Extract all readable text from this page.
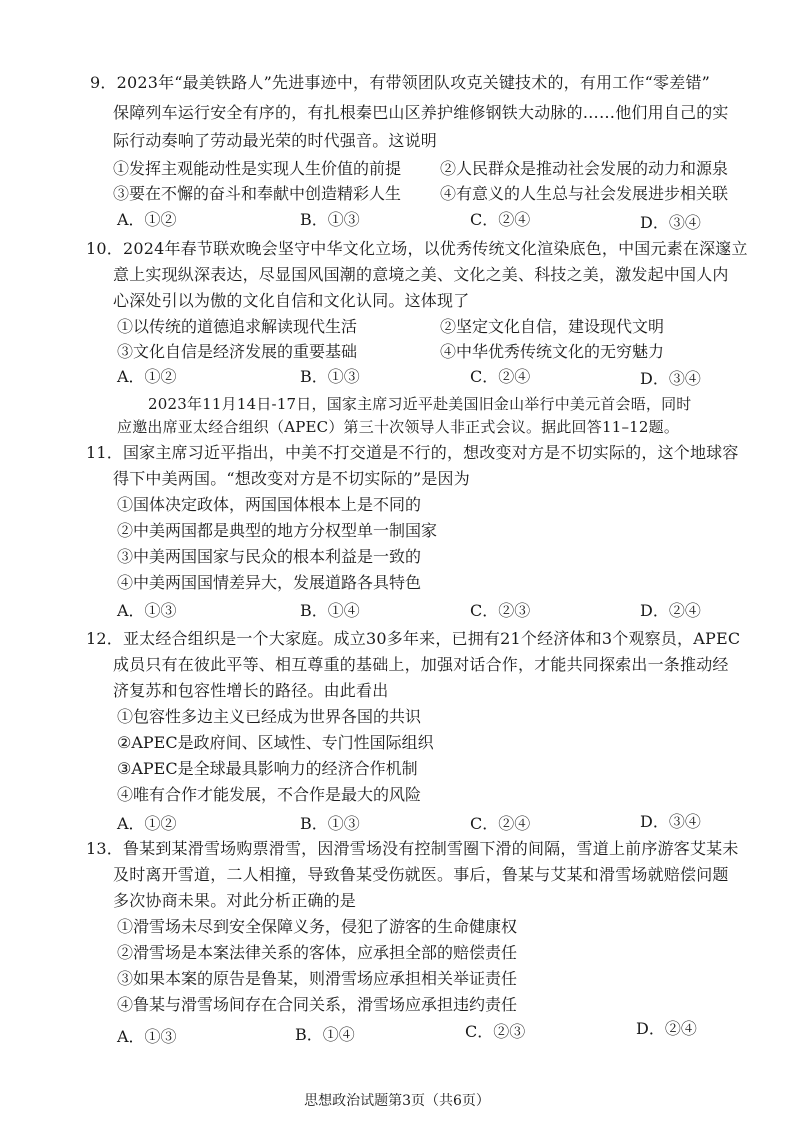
9．2023年“最美铁路人”先进事迹中，有带领团队攻克关键技术的，有用工作“零差错”
保障列车运行安全有序的，有扎根秦巴山区养护维修钢铁大动脉的……他们用自己的实
际行动奏响了劳动最光荣的时代强音。这说明
①发挥主观能动性是实现人生价值的前提 ②人民群众是推动社会发展的动力和源泉
③要在不懈的奋斗和奉献中创造精彩人生 ④有意义的人生总与社会发展进步相关联
A．①②	B．①③	C．②④	D．③④
10．2024年春节联欢晚会坚守中华文化立场，以优秀传统文化渲染底色，中国元素在深邃立
意上实现纵深表达，尽显国风国潮的意境之美、文化之美、科技之美，激发起中国人内
心深处引以为傲的文化自信和文化认同。这体现了
①以传统的道德追求解读现代生活	②坚定文化自信，建设现代文明
③文化自信是经济发展的重要基础	④中华优秀传统文化的无穷魅力
A．①②	B．①③	C．②④	D．③④
2023年11月14日-17日，国家主席习近平赴美国旧金山举行中美元首会晤，同时
应邀出席亚太经合组织（APEC）第三十次领导人非正式会议。据此回答11–12题。
11．国家主席习近平指出，中美不打交道是不行的，想改变对方是不切实际的，这个地球容
得下中美两国。“想改变对方是不切实际的”是因为
①国体决定政体，两国国体根本上是不同的
②中美两国都是典型的地方分权型单一制国家
③中美两国国家与民众的根本利益是一致的
④中美两国国情差异大，发展道路各具特色
A．①③	B．①④	C．②③	D．②④
12．亚太经合组织是一个大家庭。成立30多年来，已拥有21个经济体和3个观察员，APEC
成员只有在彼此平等、相互尊重的基础上，加强对话合作，才能共同探索出一条推动经
济复苏和包容性增长的路径。由此看出
①包容性多边主义已经成为世界各国的共识
②APEC是政府间、区域性、专门性国际组织
③APEC是全球最具影响力的经济合作机制
④唯有合作才能发展，不合作是最大的风险
A．①②	B．①③	C．②④	D．③④
13．鲁某到某滑雪场购票滑雪，因滑雪场没有控制雪圈下滑的间隔，雪道上前序游客艾某未
及时离开雪道，二人相撞，导致鲁某受伤就医。事后，鲁某与艾某和滑雪场就赔偿问题
多次协商未果。对此分析正确的是
①滑雪场未尽到安全保障义务，侵犯了游客的生命健康权
②滑雪场是本案法律关系的客体，应承担全部的赔偿责任
③如果本案的原告是鲁某，则滑雪场应承担相关举证责任
④鲁某与滑雪场间存在合同关系，滑雪场应承担违约责任
A．①③	B．①④	C．②③	D．②④
思想政治试题第3页（共6页）
